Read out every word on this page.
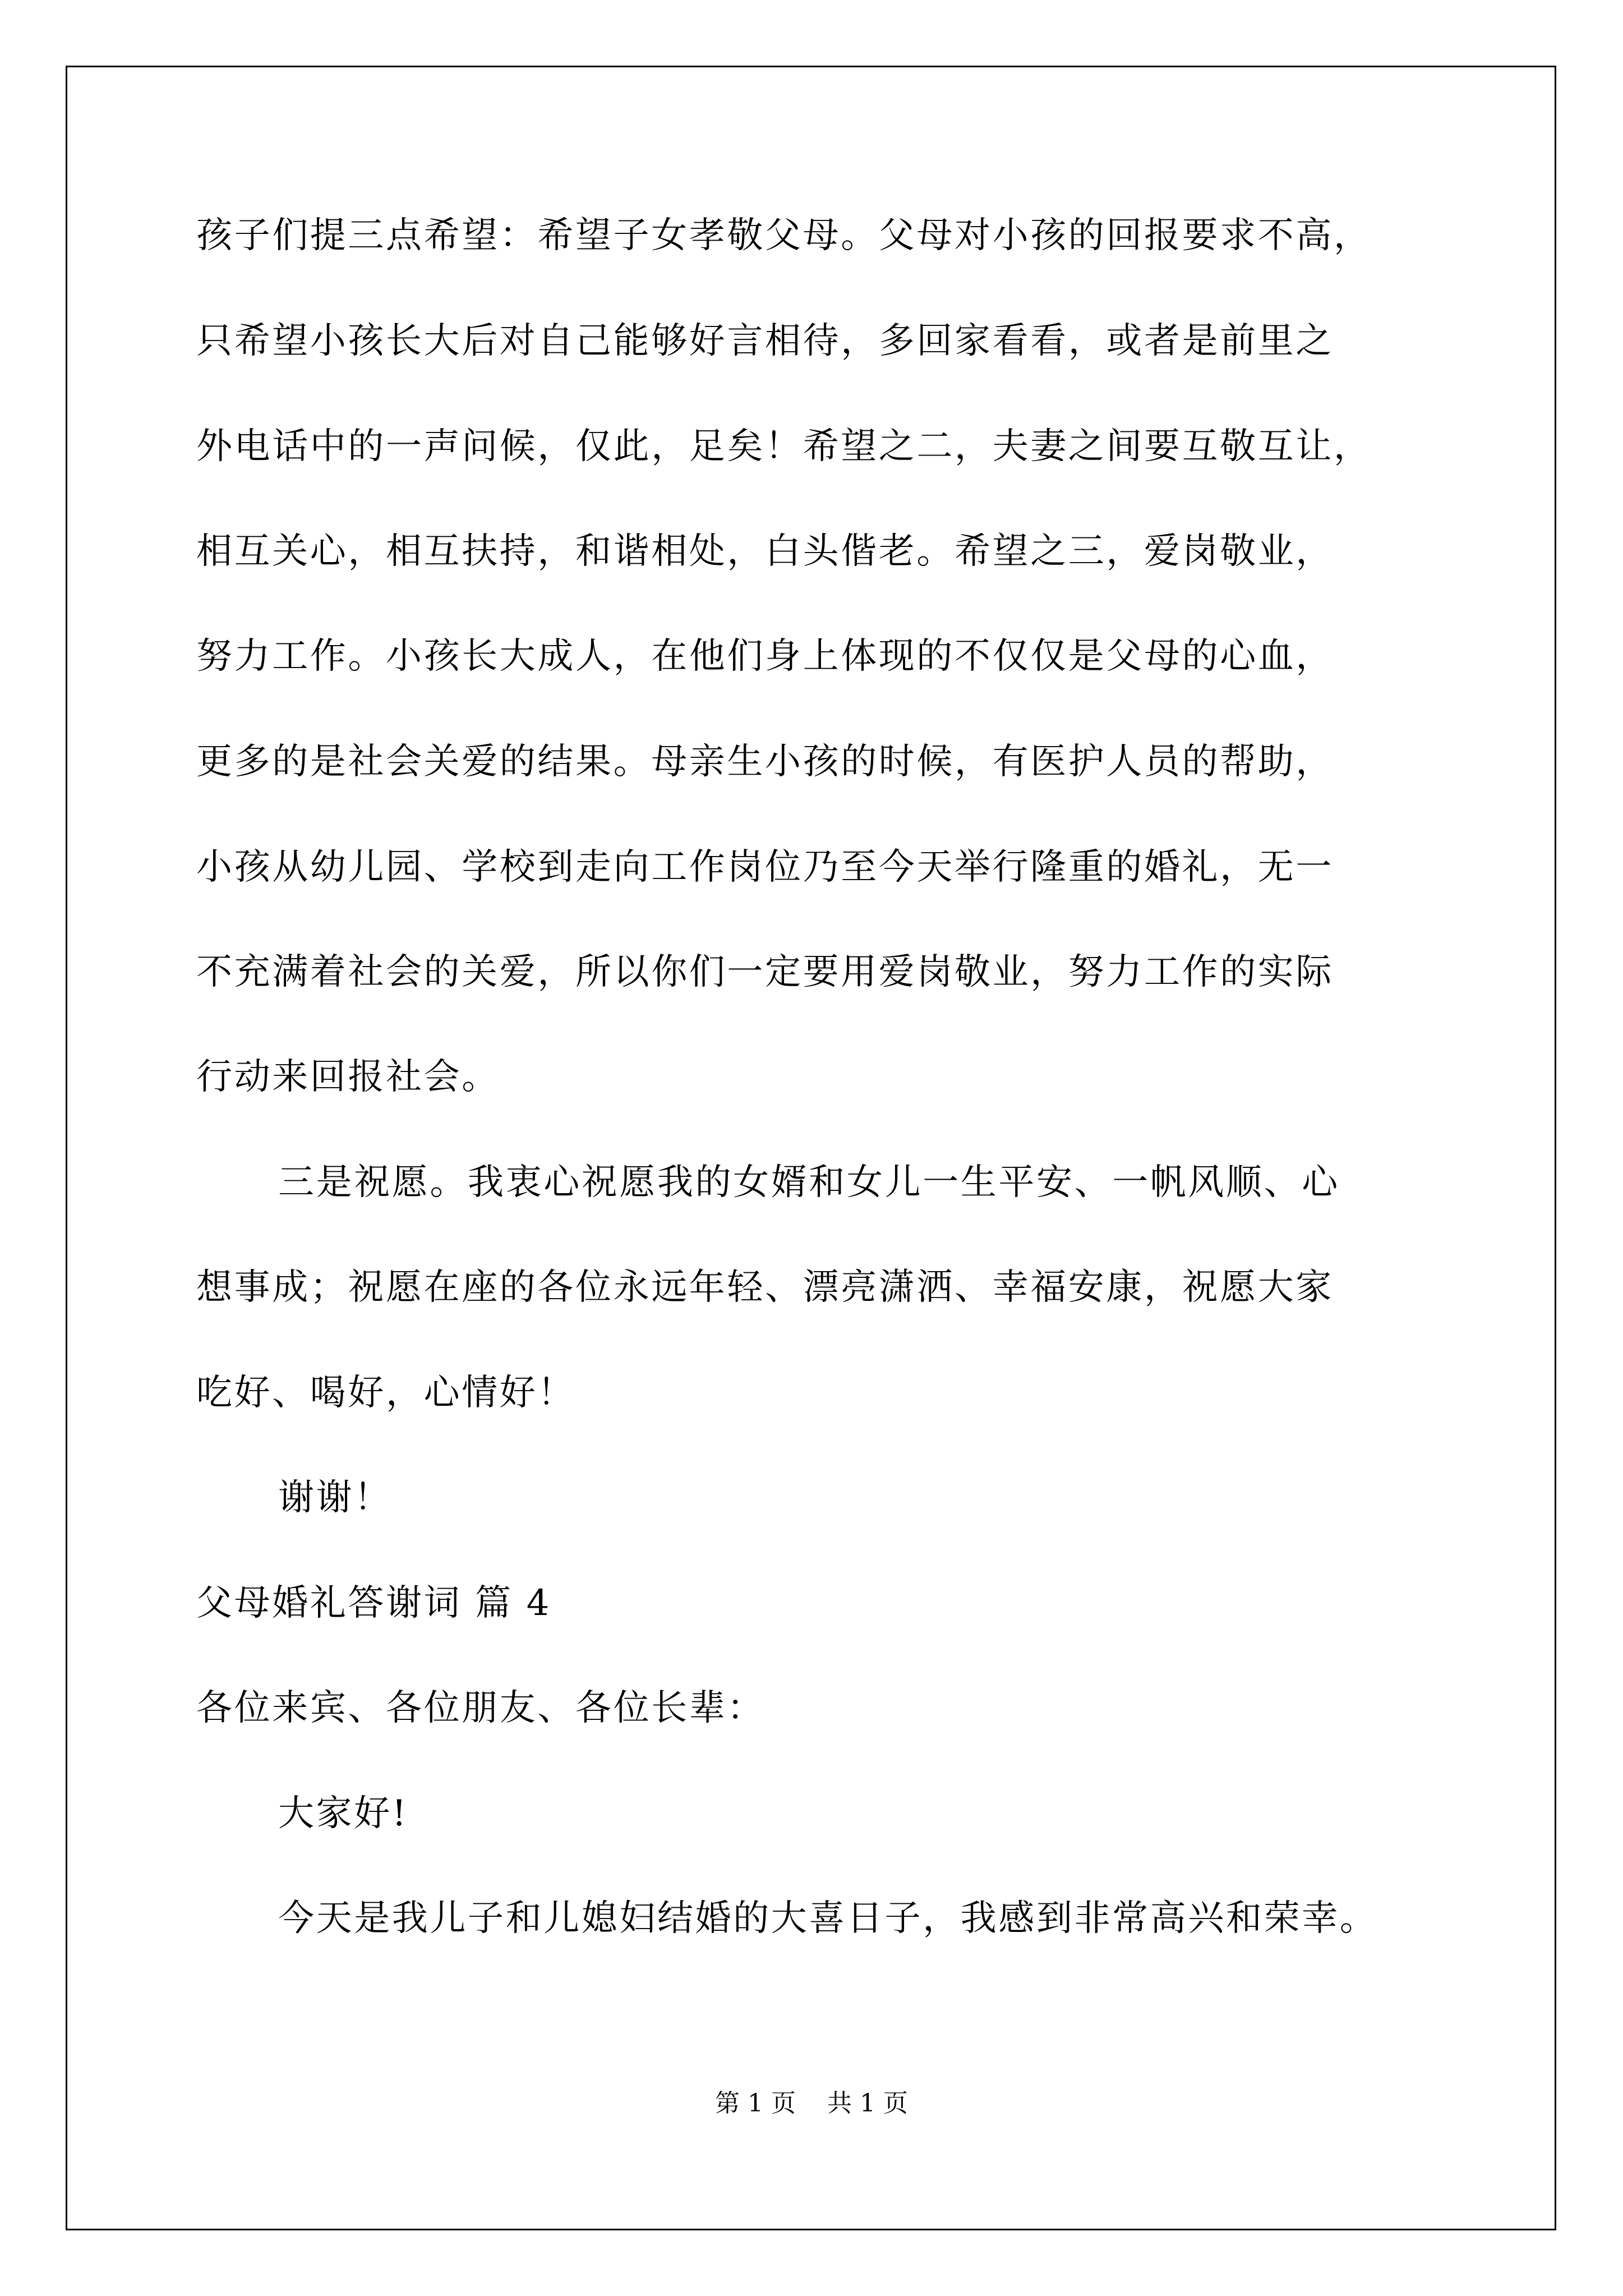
孩子们提三点希望：希望子女孝敬父母。父母对小孩的回报要求不高，
只希望小孩长大后对自己能够好言相待，多回家看看，或者是前里之
外电话中的一声问候，仅此，足矣！希望之二，夫妻之间要互敬互让，
相互关心，相互扶持，和谐相处，白头偕老。希望之三，爱岗敬业，
努力工作。小孩长大成人，在他们身上体现的不仅仅是父母的心血，
更多的是社会关爱的结果。母亲生小孩的时候，有医护人员的帮助，
小孩从幼儿园、学校到走向工作岗位乃至今天举行隆重的婚礼，无一
不充满着社会的关爱，所以你们一定要用爱岗敬业，努力工作的实际
行动来回报社会。
三是祝愿。我衷心祝愿我的女婿和女儿一生平安、一帆风顺、心
想事成；祝愿在座的各位永远年轻、漂亮潇洒、幸福安康，祝愿大家
吃好、喝好，心情好！
谢谢！
父母婚礼答谢词 篇 4
各位来宾、各位朋友、各位长辈：
大家好!
今天是我儿子和儿媳妇结婚的大喜日子，我感到非常高兴和荣幸。
第 1 页    共 1 页
